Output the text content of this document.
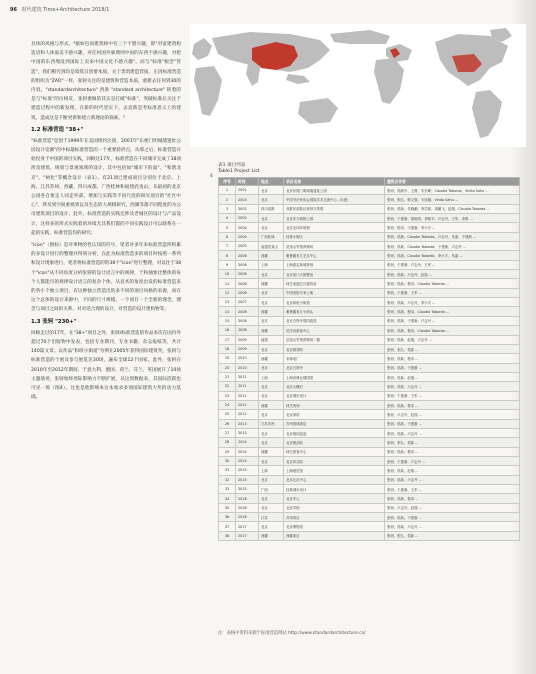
96 时代建筑 Time+Architecture 2018/1

具体的风格与形式。⁴据如包尚建筑师中有三个不想兴趣，即"对富建筑构造语和人体溢美不感兴趣，对任何国外雇佣则中国的东西不感兴趣，对把中国的东西埋没到国际上卖来中国文化不感兴趣"。而与"标准"根念"管造"，我们根究到均是境筑日创要本质，关于类筑建造营质，正因标准营造的组织为"ZAO"一样，张轲关注的是建筑和营造本质，重新去任何到30的内容，"standardarchitecture" 西条 "standard architecture" 转着的是与"标准"的历相反，张轲要做的其实是打破"标准"，突破标准后关注于建造过程中的新发现，在新的时代里实下，去直新是考标准意义上的建筑，造成这是不断更新和建立新理论的探索。⁵

1.2 标准营造 "38+"

"标准营造"是创于1999年在美国组约注册，2001年"东便门明城墙遗址公园设计竞赛"的中标最标准营造的一个重要转折点，从那之后，标准营造开始投身于中国的项目实践，回顾这17年，标准营造在不同城市完成了38项涉及建筑、规划与景观领域的设计，其中包括如"城市下的溢"、"和谐北京"、"树化"等概念设计（表1）。有21项已建成项目分别位于北京、上海、江苏苏州、西藏、四川成都、广西桂林和福建武夷山，从最初的北京公园各自要走人同走外部，增加与实践等不同尺度的研究项目的"社区中心"，涉及到空间重视到以及生态的大规模研究，西湖等都不同程度的为公司建筑项目的设计。此外，标准营造的实践还涉及老城区的设计与产品设计，这样多的形式实践着的环境尤其我们都的不同实践设计可以联系在一起的实践，标准营造均的研究。

"icon"（图标）是对事物的性认知的符号，笔者对多年来标准营造所积累的多设计进行的整理并得到分析，在此为标准营造多的项目时按照一系列和设计现象进行，笔者将标准营造的的38个"icon"进行整理，对以往于38个"icon"从不同角度分析张轲的设计语言中的规律，于和抽象比整体的每个人都能尽的规律设计语言的复杂个体，从技术的角度出发的标准营造来的各小个独立项目，有这种独立营造出的多不同的项目风格的来源，而在这个总体的设计来源中，不同的尺寸规模，一个项目一个全新的理念，理念与项目之间的关系、对对话合理的设计，对营造的设计建构物等。

1.3 张轲 "230+"

回顾走过的17年，在"38+"项目之外，张轲/标准营造的作品多次在国内外超过70个出版物中发表，包括专业期刊、专业书籍、杂志报纸等，共计140篇文章。以作品"和班小街道"为例在2005年获得国际建筑奖，张轲与标准营造的个展及参与展览达30场，遍布全球12个国家。此外，张轲在2010年至2012年期间，于意大利、德国、荷兰、芬兰、英国展开了10场主题演讲，张轲始终周际影响力不断扩展，从这到数据来，其国际活跃也可见一斑（图4）。这也是他影响本这本收录多项国际建筑大奖的动力基础。

4
表1 项目列表
Table1 Project List
序号	时间	地点	项目名称	建筑合作者
1	2001	北京	北京东便门明城墙遗址公园	张轲、侯新中、王鼎、朱宏峰、Claudia Taborda、Vinita Sahu ...
2	2003	北京	中国书法家协会国际学术交流中心（未建）	张轲、张弘、韩文强、卡佳娜、Vinita Sahu ...
3	2002	四川成都	成都东部新区规划与景观	张轲、侯新、朱晓鹏、李学莉、周鹏飞、赵瑞、Claudia Taborda ...
4	2002	北京	北京东方朝阳公园	张轲、于建渐、詹乾明、刘相平、卢志丹、王军、宋维 ...
5	2004	北京	北京北四环规划	张轲、程卓、于建渐、李小宇 ...
6	2004	广西桂林	桂林小街区	张轲、侯新、Claudia Taborda、卢志丹、朱嘉、于建渐 ...
7	2005	福建武夷山	武夷山竹筏育制场	张轲、侯新、Claudia Taborda、于建渐、卢志丹 ...
8	2006	西藏	雅鲁藏布江艺术中心	张轲、侯新、Claudia Taborda、李小宇、朱嘉 ...
9	2006	上海	上海嘉定新城规划	张轲、于建渐、卢志丹、王军 ...
10	2006	北京	北京前门大街整治	张轲、侯新、卢志丹、赵瑞 ...
11	2006	西藏	林芝南迦巴瓦接待站	张轲、侯新、程卓、Claudia Taborda ...
12	2006	北京	中国美院专家公寓	张轲、于建渐、王军 ...
13	2007	北京	北京和班小街道	张轲、侯新、卢志丹、李小宇 ...
14	2008	西藏	雅鲁藏布江小码头	张轲、侯新、程卓、Claudia Taborda ...
15	2008	北京	北京白塔寺胡同改造	张轲、侯新、于建渐、卢志丹 ...
16	2008	西藏	尼洋河游客中心	张轲、侯新、程卓、Claudia Taborda ...
17	2009	福建	武夷山竹筏育制场二期	张轲、侯新、赵瑞、卢志丹 ...
18	2009	北京	北京微胡同	张轲、张弘、侯新 ...
19	2010	西藏	米林电厂	张轲、侯新、程卓 ...
20	2010	北京	北京白塔寺	张轲、侯新、于建渐 ...
21	2011	上海	上海世博会德国馆	张轲、侯新、赵瑞 ...
22	2011	北京	北京大栅栏	张轲、侯新、卢志丹 ...
23	2011	北京	北京城市设计	张轲、于建渐、王军 ...
24	2012	西藏	林芝规划	张轲、侯新、程卓 ...
25	2012	北京	北京茶馆	张轲、卢志丹、赵瑞 ...
26	2013	江苏苏州	苏州园林酒店	张轲、侯新、于建渐 ...
27	2013	北京	北京胡同泡泡	张轲、侯新、卢志丹 ...
28	2014	北京	北京微杂院	张轲、张弘、侯新 ...
29	2014	西藏	林芝游客中心	张轲、侯新、程卓 ...
30	2014	北京	北京四合院	张轲、于建渐、卢志丹 ...
31	2015	上海	上海展览馆	张轲、侯新、赵瑞 ...
32	2015	北京	北京社区中心	张轲、侯新、卢志丹 ...
33	2015	广西	桂林城市设计	张轲、于建渐、王军 ...
34	2016	北京	北京中心	张轲、侯新、程卓 ...
35	2016	北京	北京学校	张轲、卢志丹、赵瑞 ...
36	2016	江苏	苏州项目	张轲、侯新、于建渐 ...
37	2017	北京	北京博物馆	张轲、侯新、卢志丹 ...
38	2017	西藏	西藏项目	张轲、张弘、侯新 ...
注：表格中资料来源于标准营造网站 http://www.standardarchitecture.cn/
